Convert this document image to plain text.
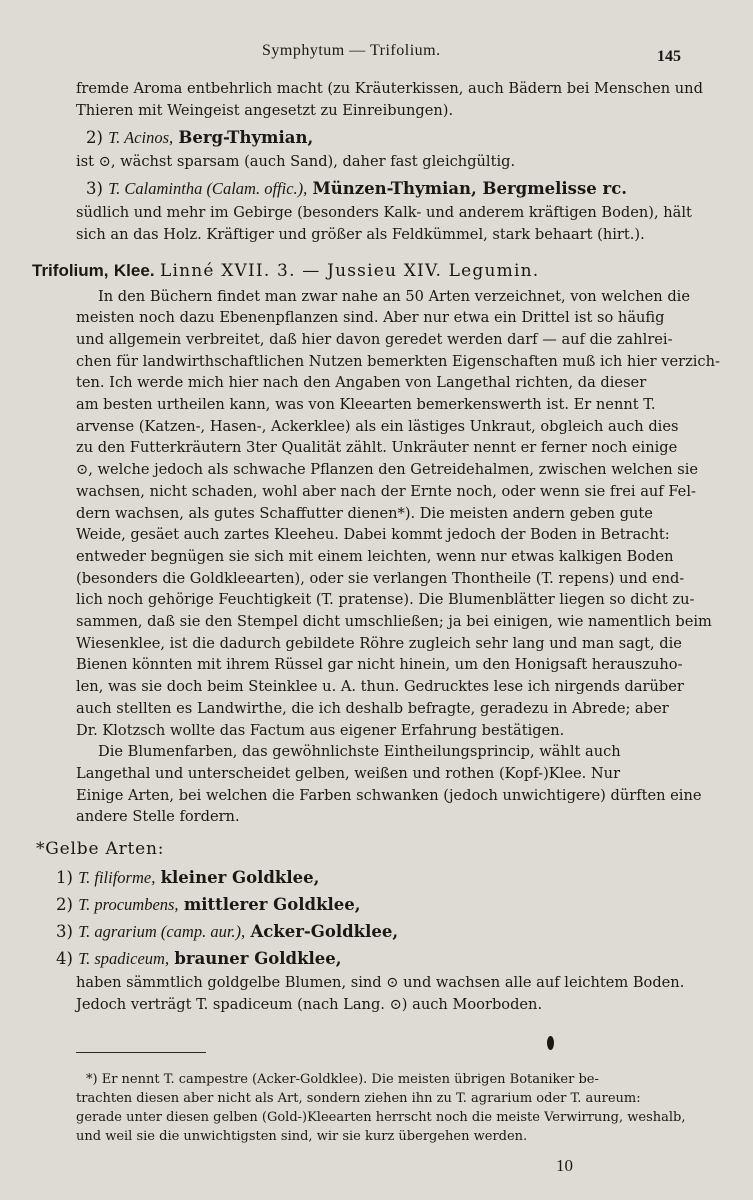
Symphytum — Trifolium.	145
fremde Aroma entbehrlich macht (zu Kräuterkissen, auch Bädern bei Menschen und
Thieren mit Weingeist angesetzt zu Einreibungen).
2) T. Acinos, Berg-Thymian,
ist ⊙, wächst sparsam (auch Sand), daher fast gleichgültig.
3) T. Calamintha (Calam. offic.), Münzen-Thymian, Bergmelisse rc.
südlich und mehr im Gebirge (besonders Kalk- und anderem kräftigen Boden), hält
sich an das Holz. Kräftiger und größer als Feldkümmel, stark behaart (hirt.).
Trifolium, Klee. Linné XVII. 3. — Jussieu XIV. Legumin.
In den Büchern findet man zwar nahe an 50 Arten verzeichnet, von welchen die
meisten noch dazu Ebenenpflanzen sind. Aber nur etwa ein Drittel ist so häufig
und allgemein verbreitet, daß hier davon geredet werden darf — auf die zahlrei-
chen für landwirthschaftlichen Nutzen bemerkten Eigenschaften muß ich hier verzich-
ten. Ich werde mich hier nach den Angaben von Langethal richten, da dieser
am besten urtheilen kann, was von Kleearten bemerkenswerth ist. Er nennt T.
arvense (Katzen-, Hasen-, Ackerklee) als ein lästiges Unkraut, obgleich auch dies
zu den Futterkräutern 3ter Qualität zählt. Unkräuter nennt er ferner noch einige
⊙, welche jedoch als schwache Pflanzen den Getreidehalmen, zwischen welchen sie
wachsen, nicht schaden, wohl aber nach der Ernte noch, oder wenn sie frei auf Fel-
dern wachsen, als gutes Schaffutter dienen*). Die meisten andern geben gute
Weide, gesäet auch zartes Kleeheu. Dabei kommt jedoch der Boden in Betracht:
entweder begnügen sie sich mit einem leichten, wenn nur etwas kalkigen Boden
(besonders die Goldkleearten), oder sie verlangen Thontheile (T. repens) und end-
lich noch gehörige Feuchtigkeit (T. pratense). Die Blumenblätter liegen so dicht zu-
sammen, daß sie den Stempel dicht umschließen; ja bei einigen, wie namentlich beim
Wiesenklee, ist die dadurch gebildete Röhre zugleich sehr lang und man sagt, die
Bienen könnten mit ihrem Rüssel gar nicht hinein, um den Honigsaft herauszuho-
len, was sie doch beim Steinklee u. A. thun. Gedrucktes lese ich nirgends darüber
auch stellten es Landwirthe, die ich deshalb befragte, geradezu in Abrede; aber
Dr. Klotzsch wollte das Factum aus eigener Erfahrung bestätigen.
Die Blumenfarben, das gewöhnlichste Eintheilungsprincip, wählt auch
Langethal und unterscheidet gelben, weißen und rothen (Kopf-)Klee. Nur
Einige Arten, bei welchen die Farben schwanken (jedoch unwichtigere) dürften eine
andere Stelle fordern.
*Gelbe Arten:
1) T. filiforme, kleiner Goldklee,
2) T. procumbens, mittlerer Goldklee,
3) T. agrarium (camp. aur.), Acker-Goldklee,
4) T. spadiceum, brauner Goldklee,
haben sämmtlich goldgelbe Blumen, sind ⊙ und wachsen alle auf leichtem Boden.
Jedoch verträgt T. spadiceum (nach Lang. ⊙) auch Moorboden.
*) Er nennt T. campestre (Acker-Goldklee). Die meisten übrigen Botaniker be-
trachten diesen aber nicht als Art, sondern ziehen ihn zu T. agrarium oder T. aureum:
gerade unter diesen gelben (Gold-)Kleearten herrscht noch die meiste Verwirrung, weshalb,
und weil sie die unwichtigsten sind, wir sie kurz übergehen werden.
10
